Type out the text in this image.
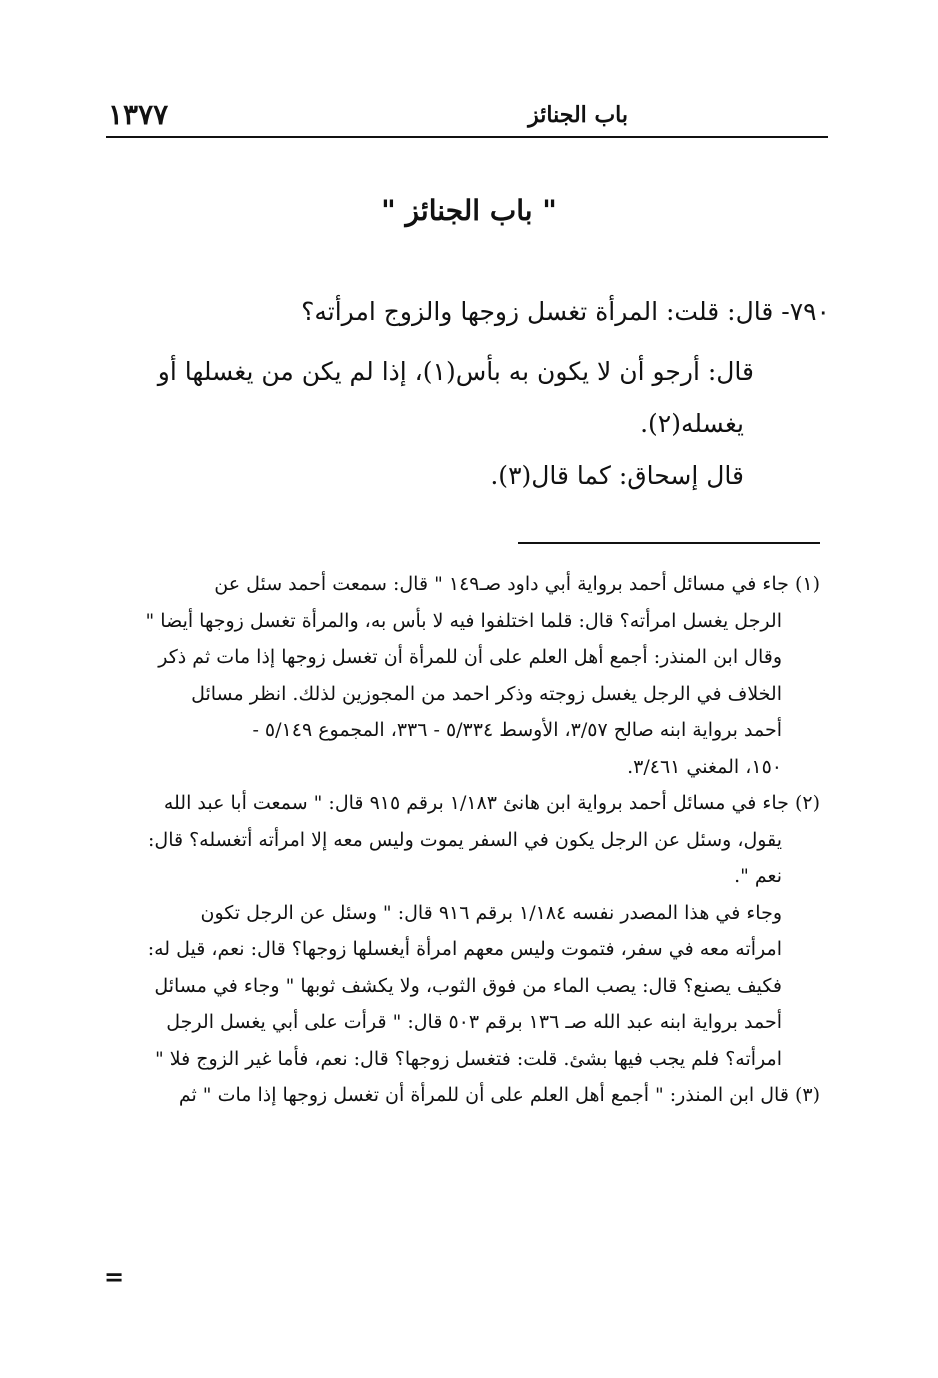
باب الجنائز
١٣٧٧
" باب الجنائز "
٧٩٠- قال: قلت: المرأة تغسل زوجها والزوج امرأته؟
قال: أرجو أن لا يكون به بأس(١)، إذا لم يكن من يغسلها أو
يغسله(٢).
قال إسحاق: كما قال(٣).
(١) جاء في مسائل أحمد برواية أبي داود صـ١٤٩ " قال: سمعت أحمد سئل عن
الرجل يغسل امرأته؟ قال: قلما اختلفوا فيه لا بأس به، والمرأة تغسل زوجها أيضا "
وقال ابن المنذر: أجمع أهل العلم على أن للمرأة أن تغسل زوجها إذا مات ثم ذكر
الخلاف في الرجل يغسل زوجته وذكر احمد من المجوزين لذلك. انظر مسائل
أحمد برواية ابنه صالح ٣/٥٧، الأوسط ٥/٣٣٤ - ٣٣٦، المجموع ٥/١٤٩ -
١٥٠، المغني ٣/٤٦١.
(٢) جاء في مسائل أحمد برواية ابن هانئ ١/١٨٣ برقم ٩١٥ قال: " سمعت أبا عبد الله
يقول، وسئل عن الرجل يكون في السفر يموت وليس معه إلا امرأته أتغسله؟ قال:
نعم ".
وجاء في هذا المصدر نفسه ١/١٨٤ برقم ٩١٦ قال: " وسئل عن الرجل تكون
امرأته معه في سفر، فتموت وليس معهم امرأة أيغسلها زوجها؟ قال: نعم، قيل له:
فكيف يصنع؟ قال: يصب الماء من فوق الثوب، ولا يكشف ثوبها " وجاء في مسائل
أحمد برواية ابنه عبد الله صـ ١٣٦ برقم ٥٠٣ قال: " قرأت على أبي يغسل الرجل
امرأته؟ فلم يجب فيها بشئ. قلت: فتغسل زوجها؟ قال: نعم، فأما غير الزوج فلا "
(٣) قال ابن المنذر: " أجمع أهل العلم على أن للمرأة أن تغسل زوجها إذا مات " ثم
=
